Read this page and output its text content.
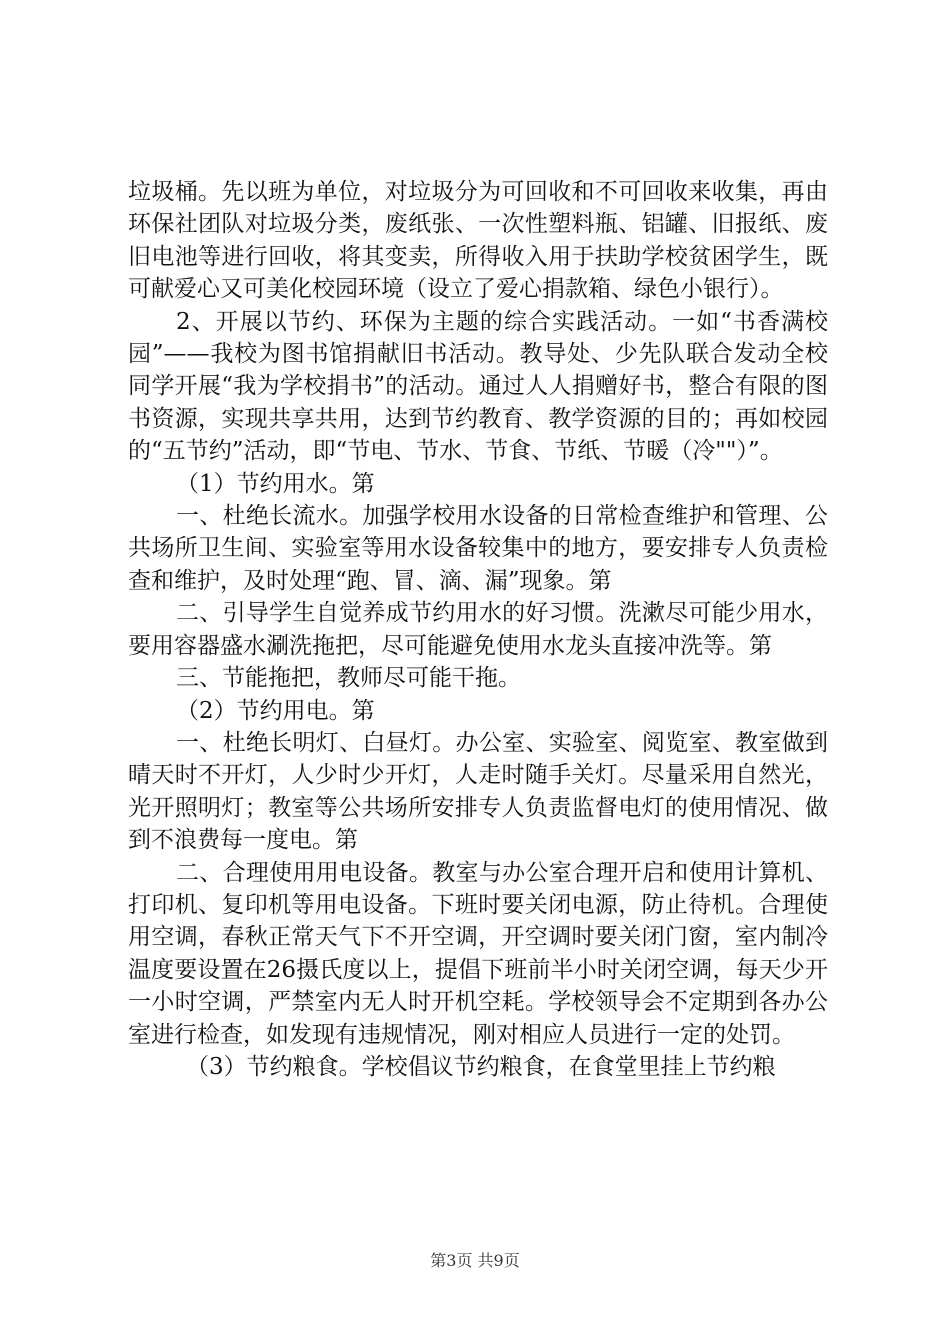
垃圾桶。先以班为单位，对垃圾分为可回收和不可回收来收集，再由环保社团队对垃圾分类，废纸张、一次性塑料瓶、铝罐、旧报纸、废旧电池等进行回收，将其变卖，所得收入用于扶助学校贫困学生，既可献爱心又可美化校园环境（设立了爱心捐款箱、绿色小银行）。

2、开展以节约、环保为主题的综合实践活动。一如“书香满校园”——我校为图书馆捐献旧书活动。教导处、少先队联合发动全校同学开展“我为学校捐书”的活动。通过人人捐赠好书，整合有限的图书资源，实现共享共用，达到节约教育、教学资源的目的；再如校园的“五节约”活动，即“节电、节水、节食、节纸、节暖（冷""）”。

（1）节约用水。第

一、杜绝长流水。加强学校用水设备的日常检查维护和管理、公共场所卫生间、实验室等用水设备较集中的地方，要安排专人负责检查和维护，及时处理“跑、冒、滴、漏”现象。第

二、引导学生自觉养成节约用水的好习惯。洗漱尽可能少用水，要用容器盛水涮洗拖把，尽可能避免使用水龙头直接冲洗等。第

三、节能拖把，教师尽可能干拖。

（2）节约用电。第

一、杜绝长明灯、白昼灯。办公室、实验室、阅览室、教室做到晴天时不开灯，人少时少开灯，人走时随手关灯。尽量采用自然光，光开照明灯；教室等公共场所安排专人负责监督电灯的使用情况、做到不浪费每一度电。第

二、合理使用用电设备。教室与办公室合理开启和使用计算机、打印机、复印机等用电设备。下班时要关闭电源，防止待机。合理使用空调，春秋正常天气下不开空调，开空调时要关闭门窗，室内制冷温度要设置在26摄氏度以上，提倡下班前半小时关闭空调，每天少开一小时空调，严禁室内无人时开机空耗。学校领导会不定期到各办公室进行检查，如发现有违规情况，刚对相应人员进行一定的处罚。

（3）节约粮食。学校倡议节约粮食，在食堂里挂上节约粮

第3页 共9页
